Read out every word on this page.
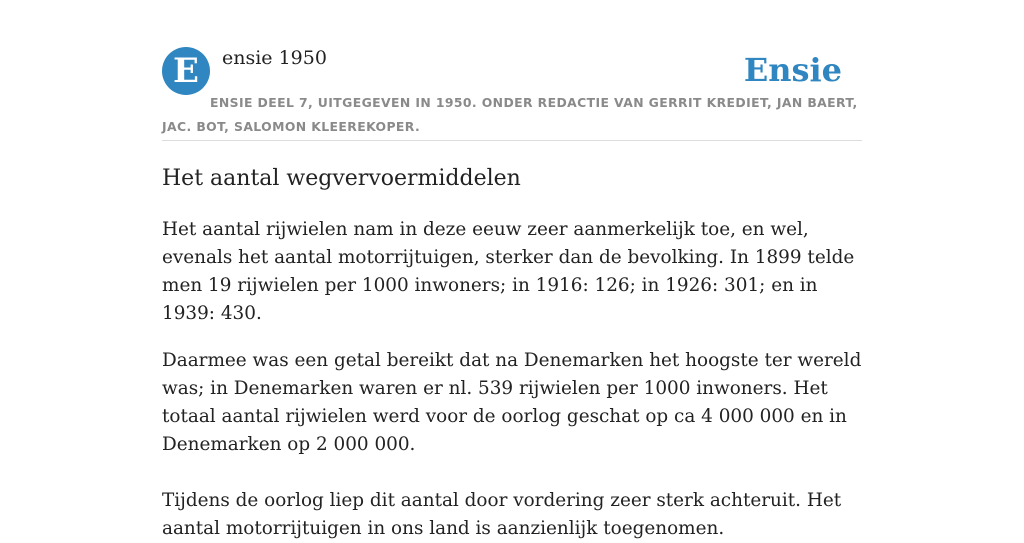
E	ensie 1950	Ensie
ENSIE DEEL 7, UITGEGEVEN IN 1950. ONDER REDACTIE VAN GERRIT KREDIET, JAN BAERT, JAC. BOT, SALOMON KLEEREKOPER.
Het aantal wegvervoermiddelen

Het aantal rijwielen nam in deze eeuw zeer aanmerkelijk toe, en wel, evenals het aantal motorrijtuigen, sterker dan de bevolking. In 1899 telde men 19 rijwielen per 1000 inwoners; in 1916: 126; in 1926: 301; en in 1939: 430.

Daarmee was een getal bereikt dat na Denemarken het hoogste ter wereld was; in Denemarken waren er nl. 539 rijwielen per 1000 inwoners. Het totaal aantal rijwielen werd voor de oorlog geschat op ca 4 000 000 en in Denemarken op 2 000 000.

Tijdens de oorlog liep dit aantal door vordering zeer sterk achteruit. Het aantal motorrijtuigen in ons land is aanzienlijk toegenomen.
